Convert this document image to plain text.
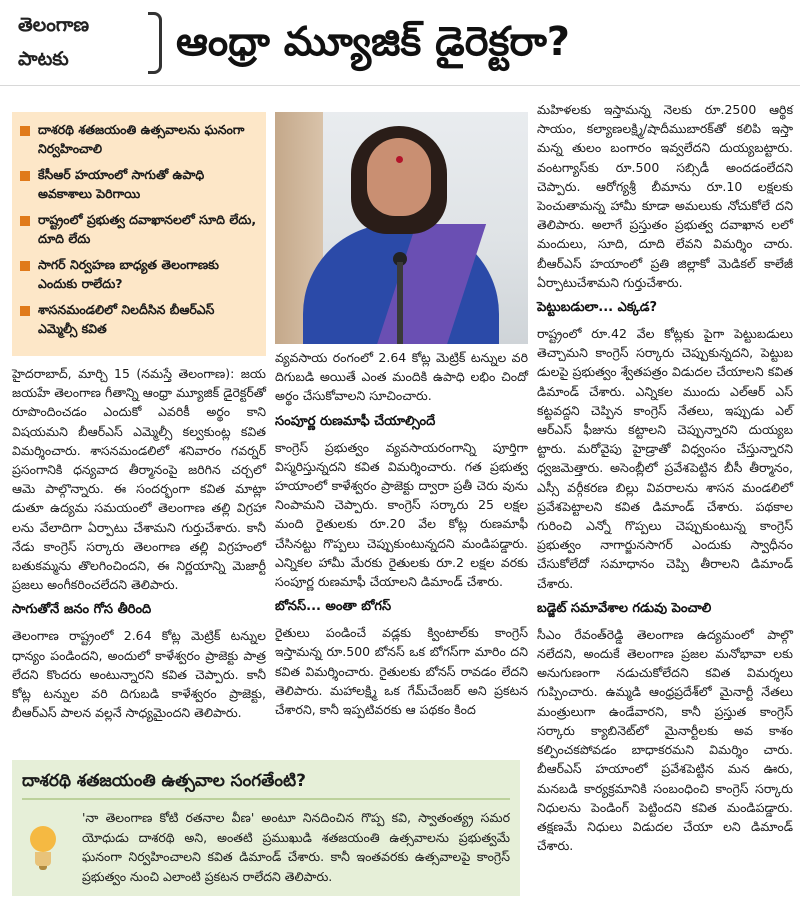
తెలంగాణ పాటకు	ఆంధ్రా మ్యూజిక్ డైరెక్టరా?
దాశరథి శతజయంతి ఉత్సవాలను ఘనంగా నిర్వహించాలి
కేసీఆర్ హయాంలో సాగుతో ఉపాధి అవకాశాలు పెరిగాయి
రాష్ట్రంలో ప్రభుత్వ దవాఖానలలో సూది లేదు, దూది లేదు
సాగర్ నిర్వహణ బాధ్యత తెలంగాణకు ఎందుకు రాలేదు?
శాసనమండలిలో నిలదీసిన బీఆర్ఎస్ ఎమ్మెల్సీ కవిత

హైదరాబాద్, మార్చి 15 (నమస్తే తెలంగాణ): జయ జయహే తెలంగాణ గీతాన్ని ఆంధ్రా మ్యూజిక్ డైరెక్టర్‌తో రూపొందించడం ఎందుకో ఎవరికీ అర్థం కాని విషయమని బీఆర్ఎస్ ఎమ్మెల్సీ కల్వకుంట్ల కవిత విమర్శించారు. శాసనమండలిలో శనివారం గవర్నర్ ప్రసంగానికి ధన్యవాద తీర్మానంపై జరిగిన చర్చలో ఆమె పాల్గొన్నారు. ఈ సందర్భంగా కవిత మాట్లా డుతూ ఉద్యమ సమయంలో తెలంగాణ తల్లి విగ్రహా లను వేలాదిగా ఏర్పాటు చేశామని గుర్తుచేశారు. కానీ నేడు కాంగ్రెస్ సర్కారు తెలంగాణ తల్లి విగ్రహంలో బతుకమ్మను తొలగించిందని, ఈ నిర్ణయాన్ని మెజార్టీ ప్రజలు అంగీకరించలేదని తెలిపారు.

సాగుతోనే జనం గోస తీరింది

తెలంగాణ రాష్ట్రంలో 2.64 కోట్ల మెట్రిక్ టన్నుల ధాన్యం పండిందని, అందులో కాళేశ్వరం ప్రాజెక్టు పాత్ర లేదని కొందరు అంటున్నారని కవిత చెప్పారు. కానీ కోట్ల టన్నుల వరి దిగుబడి కాళేశ్వరం ప్రాజెక్టు, బీఆర్ఎస్ పాలన వల్లనే సాధ్యమైందని తెలిపారు.

వ్యవసాయ రంగంలో 2.64 కోట్ల మెట్రిక్ టన్నుల వరి దిగుబడి అయితే ఎంత మందికి ఉపాధి లభిం చిందో అర్థం చేసుకోవాలని సూచించారు.

సంపూర్ణ రుణమాఫీ చేయాల్సిందే

కాంగ్రెస్ ప్రభుత్వం వ్యవసాయరంగాన్ని పూర్తిగా విస్మరిస్తున్నదని కవిత విమర్శించారు. గత ప్రభుత్వ హయాంలో కాళేశ్వరం ప్రాజెక్టు ద్వారా ప్రతీ చెరు వును నింపామని చెప్పారు. కాంగ్రెస్ సర్కారు 25 లక్షల మంది రైతులకు రూ.20 వేల కోట్ల రుణమాఫీ చేసినట్టు గొప్పలు చెప్పుకుంటున్నదని మండిపడ్డారు. ఎన్నికల హామీ మేరకు రైతులకు రూ.2 లక్షల వరకు సంపూర్ణ రుణమాఫీ చేయాలని డిమాండ్ చేశారు.

బోనస్... అంతా బోగస్

రైతులు పండించే వడ్లకు క్వింటాల్‌కు కాంగ్రెస్ ఇస్తామన్న రూ.500 బోనస్ ఒక బోగస్‌గా మారిం దని కవిత విమర్శించారు. రైతులకు బోనస్ రావడం లేదని తెలిపారు. మహాలక్ష్మి ఒక గేమ్‌చేంజర్ అని ప్రకటన చేశారని, కానీ ఇప్పటివరకు ఆ పథకం కింద

మహిళలకు ఇస్తామన్న నెలకు రూ.2500 ఆర్థిక సాయం, కల్యాణలక్ష్మి/షాదీముబారక్‌తో కలిపి ఇస్తా మన్న తులం బంగారం ఇవ్వలేదని దుయ్యబట్టారు. వంటగ్యాస్‌కు రూ.500 సబ్సిడీ అందడంలేదని చెప్పారు. ఆరోగ్యశ్రీ బీమాను రూ.10 లక్షలకు పెంచుతామన్న హామీ కూడా అమలుకు నోచుకోలే దని తెలిపారు. అలాగే ప్రస్తుతం ప్రభుత్వ దవాఖాన లలో మందులు, సూది, దూది లేవని విమర్శిం చారు. బీఆర్ఎస్ హయాంలో ప్రతి జిల్లాకో మెడికల్ కాలేజీ ఏర్పాటుచేశామని గుర్తుచేశారు.

పెట్టుబడులా... ఎక్కడ?

రాష్ట్రంలో రూ.42 వేల కోట్లకు పైగా పెట్టుబడులు తెచ్చామని కాంగ్రెస్ సర్కారు చెప్పుకున్నదని, పెట్టుబ డులపై ప్రభుత్వం శ్వేతపత్రం విడుదల చేయాలని కవిత డిమాండ్ చేశారు. ఎన్నికల ముందు ఎల్ఆర్ ఎస్ కట్టవద్దని చెప్పిన కాంగ్రెస్ నేతలు, ఇప్పుడు ఎల్ ఆర్ఎస్ ఫీజును కట్టాలని చెప్పున్నారని దుయ్యబ ట్టారు. మరోవైపు హైడ్రాతో విధ్వంసం చేస్తున్నారని ధ్వజమెత్తారు. అసెంబ్లీలో ప్రవేశపెట్టిన బీసీ తీర్మానం, ఎస్సీ వర్గీకరణ బిల్లు వివరాలను శాసన మండలిలో ప్రవేశపెట్టాలని కవిత డిమాండ్ చేశారు. పథకాల గురించి ఎన్నో గొప్పలు చెప్పుకుంటున్న కాంగ్రెస్ ప్రభుత్వం నాగార్జునసాగర్ ఎందుకు స్వాధీనం చేసుకోలేదో సమాధానం చెప్పి తీరాలని డిమాండ్ చేశారు.

బడ్జెట్ సమావేశాల గడువు పెంచాలి

సీఎం రేవంత్‌రెడ్డి తెలంగాణ ఉద్యమంలో పాల్గొ నలేదని, అందుకే తెలంగాణ ప్రజల మనోభావా లకు అనుగుణంగా నడుచుకోలేదని కవిత విమర్శలు గుప్పించారు. ఉమ్మడి ఆంధ్రప్రదేశ్‌లో మైనార్టీ నేతలు మంత్రులుగా ఉండేవారని, కానీ ప్రస్తుత కాంగ్రెస్ సర్కారు క్యాబినెట్‌లో మైనార్టీలకు అవ కాశం కల్పించకపోవడం బాధాకరమని విమర్శిం చారు. బీఆర్ఎస్ హయాంలో ప్రవేశపెట్టిన మన ఊరు, మనబడి కార్యక్రమానికి సంబంధించి కాంగ్రెస్ సర్కారు నిధులను పెండింగ్ పెట్టిందని కవిత మండిపడ్డారు. తక్షణమే నిధులు విడుదల చేయా లని డిమాండ్ చేశారు.

దాశరథి శతజయంతి ఉత్సవాల సంగతేంటి?
'నా తెలంగాణ కోటి రతనాల వీణ' అంటూ నినదించిన గొప్ప కవి, స్వాతంత్య్ర సమర యోధుడు దాశరథి అని, అంతటి ప్రముఖుడి శతజయంతి ఉత్సవాలను ప్రభుత్వమే ఘనంగా నిర్వహించాలని కవిత డిమాండ్ చేశారు. కానీ ఇంతవరకు ఉత్సవాలపై కాంగ్రెస్ ప్రభుత్వం నుంచి ఎలాంటి ప్రకటన రాలేదని తెలిపారు.
